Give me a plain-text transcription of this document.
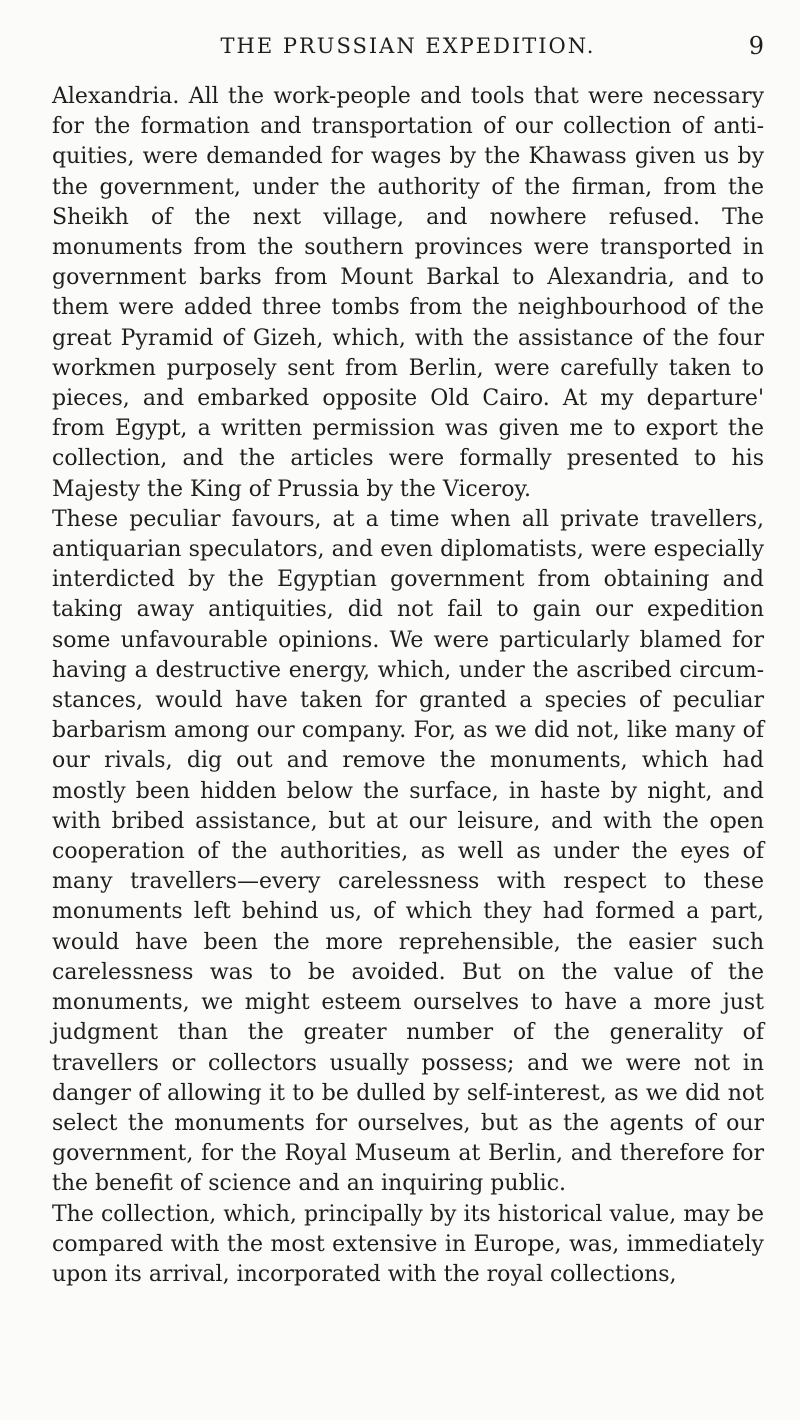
THE PRUSSIAN EXPEDITION.	9

Alexandria. All the work-people and tools that were necessary for the formation and transportation of our collection of antiquities, were demanded for wages by the Khawass given us by the government, under the authority of the firman, from the Sheikh of the next village, and nowhere refused. The monuments from the southern provinces were transported in government barks from Mount Barkal to Alexandria, and to them were added three tombs from the neighbourhood of the great Pyramid of Gizeh, which, with the assistance of the four workmen purposely sent from Berlin, were carefully taken to pieces, and embarked opposite Old Cairo. At my departure' from Egypt, a written permission was given me to export the collection, and the articles were formally presented to his Majesty the King of Prussia by the Viceroy.

These peculiar favours, at a time when all private travellers, antiquarian speculators, and even diplomatists, were especially interdicted by the Egyptian government from obtaining and taking away antiquities, did not fail to gain our expedition some unfavourable opinions. We were particularly blamed for having a destructive energy, which, under the ascribed circumstances, would have taken for granted a species of peculiar barbarism among our company. For, as we did not, like many of our rivals, dig out and remove the monuments, which had mostly been hidden below the surface, in haste by night, and with bribed assistance, but at our leisure, and with the open cooperation of the authorities, as well as under the eyes of many travellers—every carelessness with respect to these monuments left behind us, of which they had formed a part, would have been the more reprehensible, the easier such carelessness was to be avoided. But on the value of the monuments, we might esteem ourselves to have a more just judgment than the greater number of the generality of travellers or collectors usually possess; and we were not in danger of allowing it to be dulled by self-interest, as we did not select the monuments for ourselves, but as the agents of our government, for the Royal Museum at Berlin, and therefore for the benefit of science and an inquiring public.

The collection, which, principally by its historical value, may be compared with the most extensive in Europe, was, immediately upon its arrival, incorporated with the royal collections,
